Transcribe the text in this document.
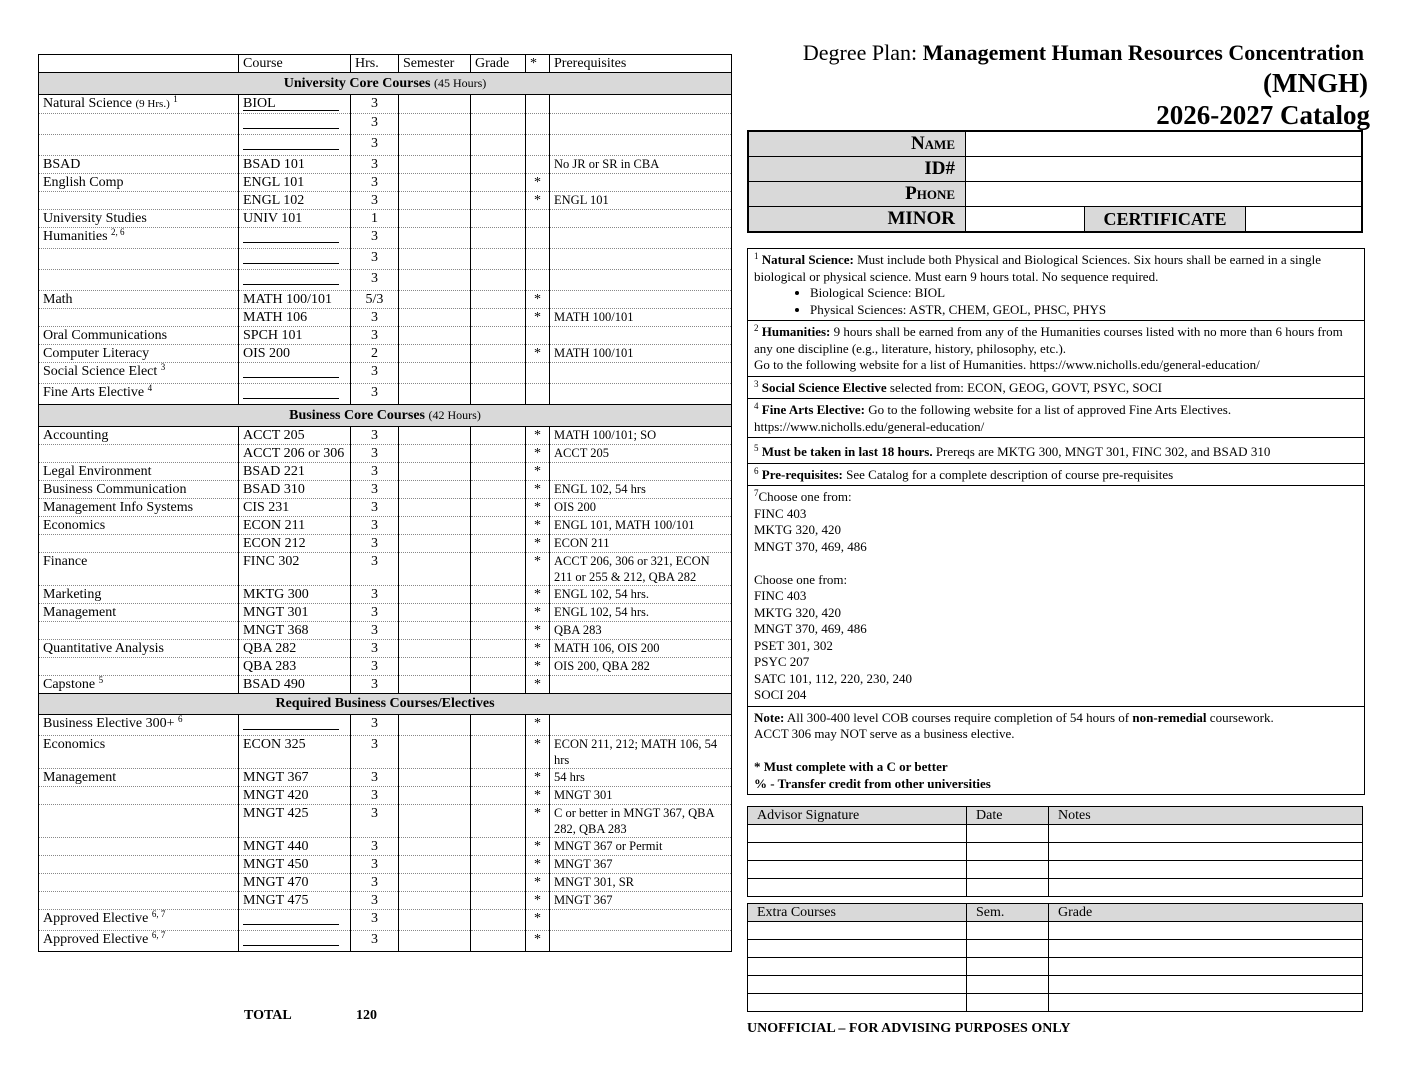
	Course	Hrs.	Semester	Grade	*	Prerequisites
University Core Courses (45 Hours)						
Natural Science (9 Hrs.) $^1$	BIOL	3				
		3				
		3				
BSAD	BSAD 101	3				No JR or SR in CBA
English Comp	ENGL 101	3			*	
	ENGL 102	3			*	ENGL 101
University Studies	UNIV 101	1				
Humanities $^{2, 6}$		3				
		3				
		3				
Math	MATH 100/101	5/3			*	
	MATH 106	3			*	MATH 100/101
Oral Communications	SPCH 101	3				
Computer Literacy	OIS 200	2			*	MATH 100/101
Social Science Elect $^3$		3				
Fine Arts Elective $^4$		3				
Business Core Courses (42 Hours)						
Accounting	ACCT 205	3			*	MATH 100/101; SO
	ACCT 206 or 306	3			*	ACCT 205
Legal Environment	BSAD 221	3			*	
Business Communication	BSAD 310	3			*	ENGL 102, 54 hrs
Management Info Systems	CIS 231	3			*	OIS 200
Economics	ECON 211	3			*	ENGL 101, MATH 100/101
	ECON 212	3			*	ECON 211
Finance	FINC 302	3			*	ACCT 206, 306 or 321, ECON 211 or 255 & 212, QBA 282
Marketing	MKTG 300	3			*	ENGL 102, 54 hrs.
Management	MNGT 301	3			*	ENGL 102, 54 hrs.
	MNGT 368	3			*	QBA 283
Quantitative Analysis	QBA 282	3			*	MATH 106, OIS 200
	QBA 283	3			*	OIS 200, QBA 282
Capstone $^5$	BSAD 490	3			*	
Required Business Courses/Electives						
Business Elective 300+ $^6$		3			*	
Economics	ECON 325	3			*	ECON 211, 212; MATH 106, 54 hrs
Management	MNGT 367	3			*	54 hrs
	MNGT 420	3			*	MNGT 301
	MNGT 425	3			*	C or better in MNGT 367, QBA 282, QBA 283
	MNGT 440	3			*	MNGT 367 or Permit
	MNGT 450	3			*	MNGT 367
	MNGT 470	3			*	MNGT 301, SR
	MNGT 475	3			*	MNGT 367
Approved Elective $^{6, 7}$		3			*	
Approved Elective $^{6, 7}$		3			*	
TOTAL	120
Degree Plan: Management Human Resources Concentration
(MNGH)
2026-2027 Catalog
Name			
ID#			
Phone			
MINOR		CERTIFICATE	
$^1$ Natural Science: Must include both Physical and Biological Sciences. Six hours shall be earned in a single biological or physical science. Must earn 9 hours total. No sequence required.
• Biological Science: BIOL
• Physical Sciences: ASTR, CHEM, GEOL, PHSC, PHYS
$^2$ Humanities: 9 hours shall be earned from any of the Humanities courses listed with no more than 6 hours from any one discipline (e.g., literature, history, philosophy, etc.).
Go to the following website for a list of Humanities. https://www.nicholls.edu/general-education/
$^3$ Social Science Elective selected from: ECON, GEOG, GOVT, PSYC, SOCI
$^4$ Fine Arts Elective: Go to the following website for a list of approved Fine Arts Electives.
https://www.nicholls.edu/general-education/
$^5$ Must be taken in last 18 hours. Prereqs are MKTG 300, MNGT 301, FINC 302, and BSAD 310
$^6$ Pre-requisites: See Catalog for a complete description of course pre-requisites
$^7$Choose one from:
FINC 403
MKTG 320, 420
MNGT 370, 469, 486

Choose one from:
FINC 403
MKTG 320, 420
MNGT 370, 469, 486
PSET 301, 302
PSYC 207
SATC 101, 112, 220, 230, 240
SOCI 204

Note: All 300-400 level COB courses require completion of 54 hours of non-remedial coursework.
ACCT 306 may NOT serve as a business elective.

* Must complete with a C or better
% - Transfer credit from other universities
Advisor Signature	Date	Notes

Extra Courses	Sem.	Grade

UNOFFICIAL – FOR ADVISING PURPOSES ONLY
